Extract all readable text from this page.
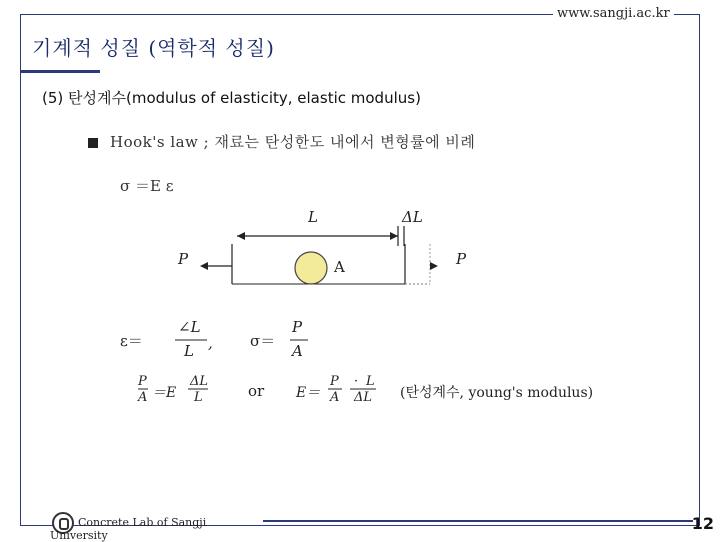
www.sangji.ac.kr
기계적 성질 (역학적 성질)
(5) 탄성계수(modulus of elasticity, elastic modulus)
Hook's law ; 재료는 탄성한도 내에서 변형률에 비례
σ ＝E ε
L	ΔL
P	P
A
ε＝
∠L
L , σ＝
P
A
P
A ＝E
ΔL
L	or E＝
P
A
· L
ΔL (탄성계수, young's modulus)
Concrete Lab of Sangji
University
12
